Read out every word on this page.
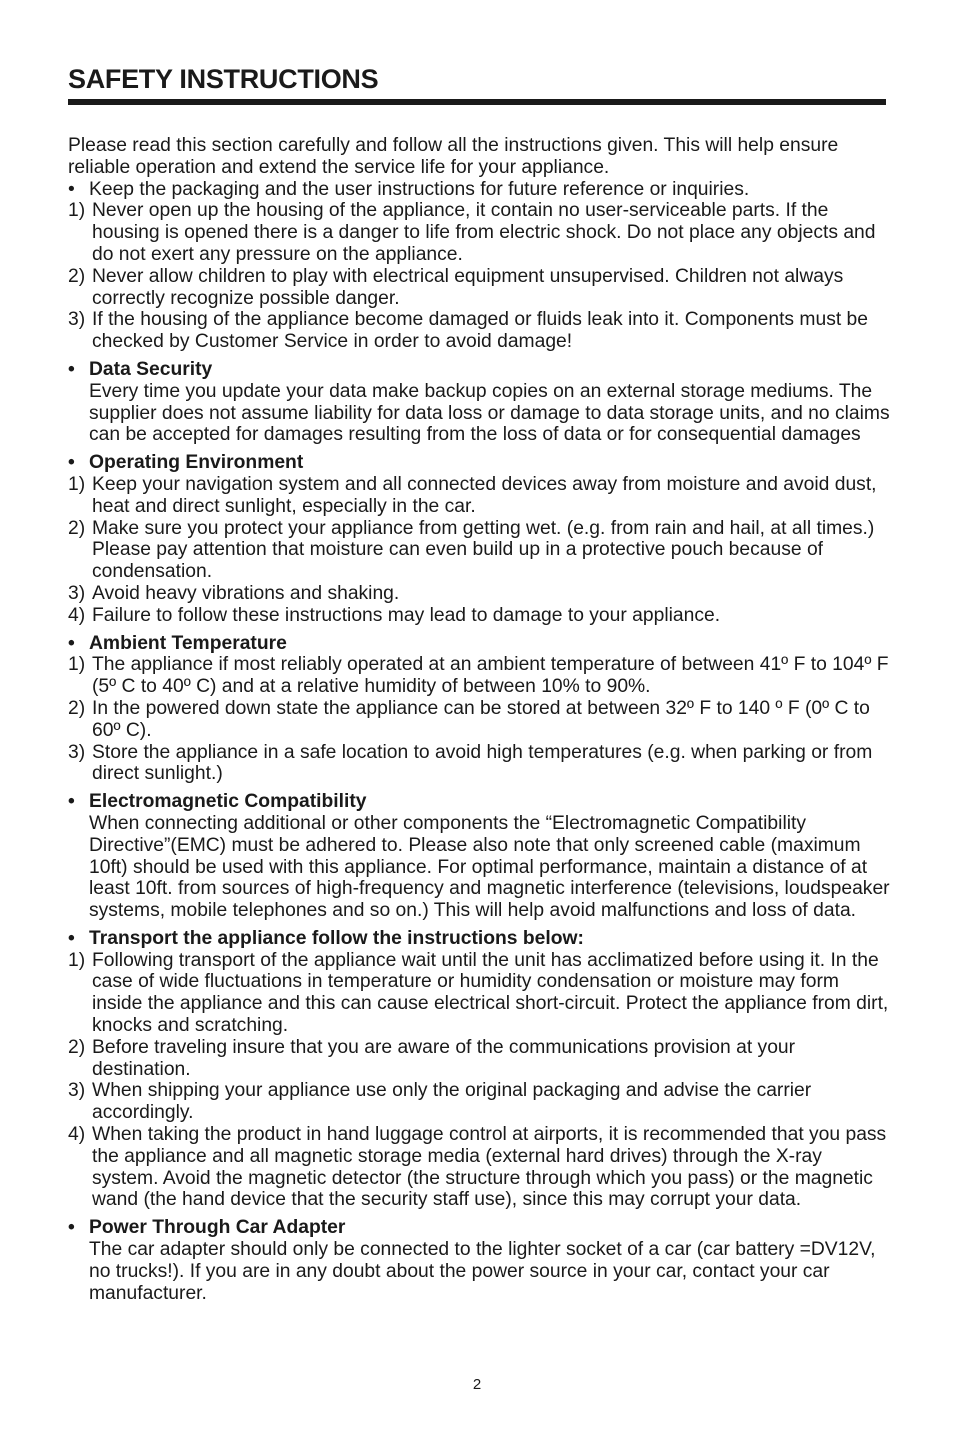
SAFETY INSTRUCTIONS

Please read this section carefully and follow all the instructions given. This will help ensure reliable operation and extend the service life for your appliance.

• Keep the packaging and the user instructions for future reference or inquiries.
1) Never open up the housing of the appliance, it contain no user-serviceable parts. If the housing is opened there is a danger to life from electric shock. Do not place any objects and do not exert any pressure on the appliance.
2) Never allow children to play with electrical equipment unsupervised. Children not always correctly recognize possible danger.
3) If the housing of the appliance become damaged or fluids leak into it. Components must be checked by Customer Service in order to avoid damage!
• Data Security
Every time you update your data make backup copies on an external storage mediums. The supplier does not assume liability for data loss or damage to data storage units, and no claims can be accepted for damages resulting from the loss of data or for consequential damages
• Operating Environment
1) Keep your navigation system and all connected devices away from moisture and avoid dust, heat and direct sunlight, especially in the car.
2) Make sure you protect your appliance from getting wet. (e.g. from rain and hail, at all times.) Please pay attention that moisture can even build up in a protective pouch because of condensation.
3) Avoid heavy vibrations and shaking.
4) Failure to follow these instructions may lead to damage to your appliance.
• Ambient Temperature
1) The appliance if most reliably operated at an ambient temperature of between 41º F to 104º F (5º C to 40º C) and at a relative humidity of between 10% to 90%.
2) In the powered down state the appliance can be stored at between 32º F to 140 º F (0º C to 60º C).
3) Store the appliance in a safe location to avoid high temperatures (e.g. when parking or from direct sunlight.)
• Electromagnetic Compatibility
When connecting additional or other components the “Electromagnetic Compatibility Directive”(EMC) must be adhered to. Please also note that only screened cable (maximum 10ft) should be used with this appliance. For optimal performance, maintain a distance of at least 10ft. from sources of high-frequency and magnetic interference (televisions, loudspeaker systems, mobile telephones and so on.) This will help avoid malfunctions and loss of data.
• Transport the appliance follow the instructions below:
1) Following transport of the appliance wait until the unit has acclimatized before using it. In the case of wide fluctuations in temperature or humidity condensation or moisture may form inside the appliance and this can cause electrical short-circuit. Protect the appliance from dirt, knocks and scratching.
2) Before traveling insure that you are aware of the communications provision at your destination.
3) When shipping your appliance use only the original packaging and advise the carrier accordingly.
4) When taking the product in hand luggage control at airports, it is recommended that you pass the appliance and all magnetic storage media (external hard drives) through the X-ray system. Avoid the magnetic detector (the structure through which you pass) or the magnetic wand (the hand device that the security staff use), since this may corrupt your data.
• Power Through Car Adapter
The car adapter should only be connected to the lighter socket of a car (car battery =DV12V, no trucks!). If you are in any doubt about the power source in your car, contact your car manufacturer.
2
